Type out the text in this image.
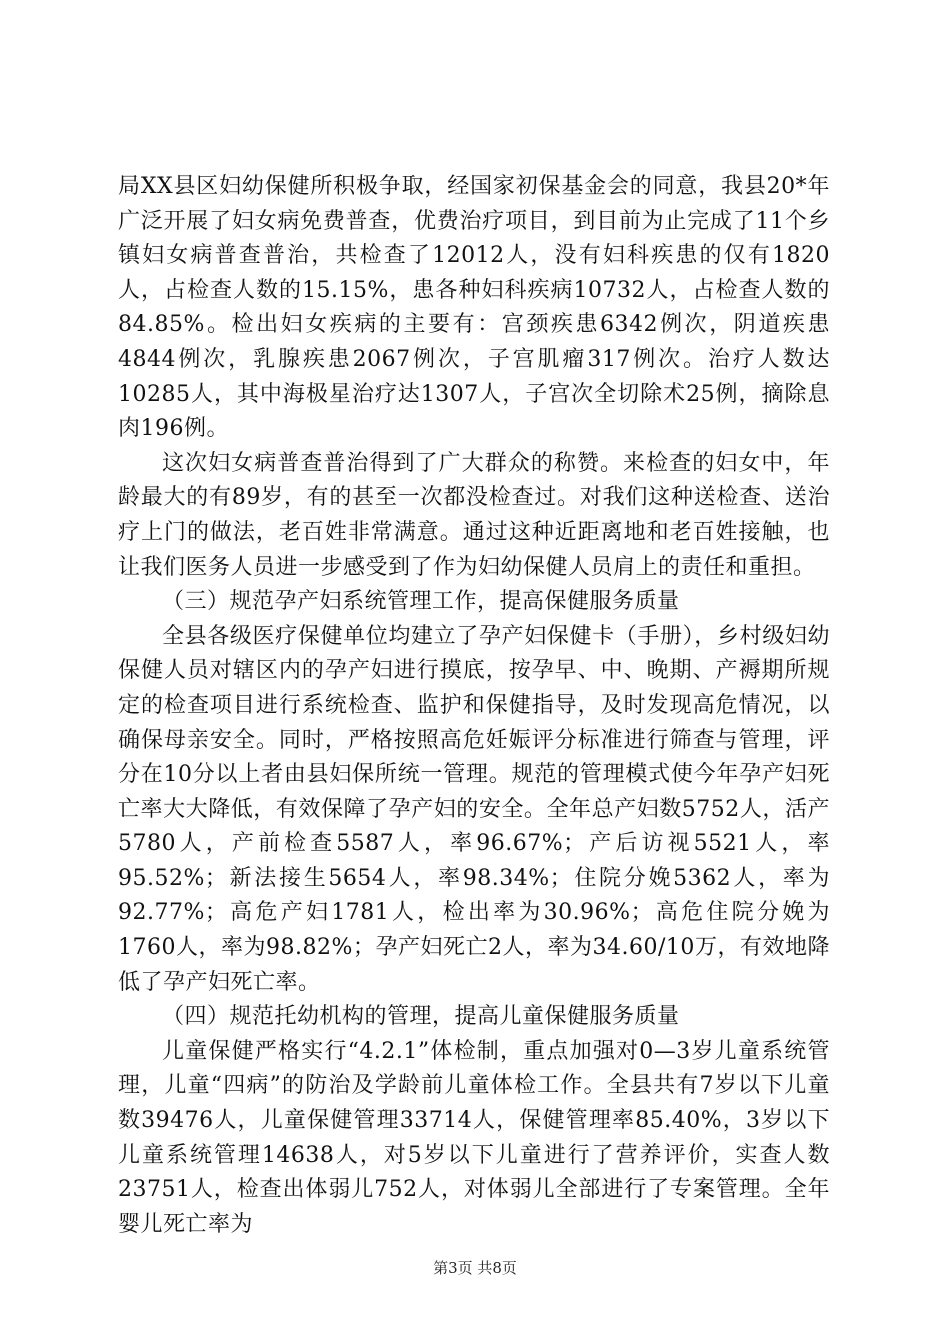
局XX县区妇幼保健所积极争取，经国家初保基金会的同意，我县20*年广泛开展了妇女病免费普查，优费治疗项目，到目前为止完成了11个乡镇妇女病普查普治，共检查了12012人，没有妇科疾患的仅有1820人，占检查人数的15.15%，患各种妇科疾病10732人，占检查人数的84.85%。检出妇女疾病的主要有：宫颈疾患6342例次，阴道疾患4844例次，乳腺疾患2067例次，子宫肌瘤317例次。治疗人数达10285人，其中海极星治疗达1307人，子宫次全切除术25例，摘除息肉196例。

这次妇女病普查普治得到了广大群众的称赞。来检查的妇女中，年龄最大的有89岁，有的甚至一次都没检查过。对我们这种送检查、送治疗上门的做法，老百姓非常满意。通过这种近距离地和老百姓接触，也让我们医务人员进一步感受到了作为妇幼保健人员肩上的责任和重担。

（三）规范孕产妇系统管理工作，提高保健服务质量

全县各级医疗保健单位均建立了孕产妇保健卡（手册），乡村级妇幼保健人员对辖区内的孕产妇进行摸底，按孕早、中、晚期、产褥期所规定的检查项目进行系统检查、监护和保健指导，及时发现高危情况，以确保母亲安全。同时，严格按照高危妊娠评分标准进行筛查与管理，评分在10分以上者由县妇保所统一管理。规范的管理模式使今年孕产妇死亡率大大降低，有效保障了孕产妇的安全。全年总产妇数5752人，活产5780人，产前检查5587人，率96.67%；产后访视5521人，率95.52%；新法接生5654人，率98.34%；住院分娩5362人，率为92.77%；高危产妇1781人，检出率为30.96%；高危住院分娩为1760人，率为98.82%；孕产妇死亡2人，率为34.60/10万，有效地降低了孕产妇死亡率。

（四）规范托幼机构的管理，提高儿童保健服务质量

儿童保健严格实行“4.2.1”体检制，重点加强对0—3岁儿童系统管理，儿童“四病”的防治及学龄前儿童体检工作。全县共有7岁以下儿童数39476人，儿童保健管理33714人，保健管理率85.40%，3岁以下儿童系统管理14638人，对5岁以下儿童进行了营养评价，实查人数23751人，检查出体弱儿752人，对体弱儿全部进行了专案管理。全年婴儿死亡率为

第3页 共8页
